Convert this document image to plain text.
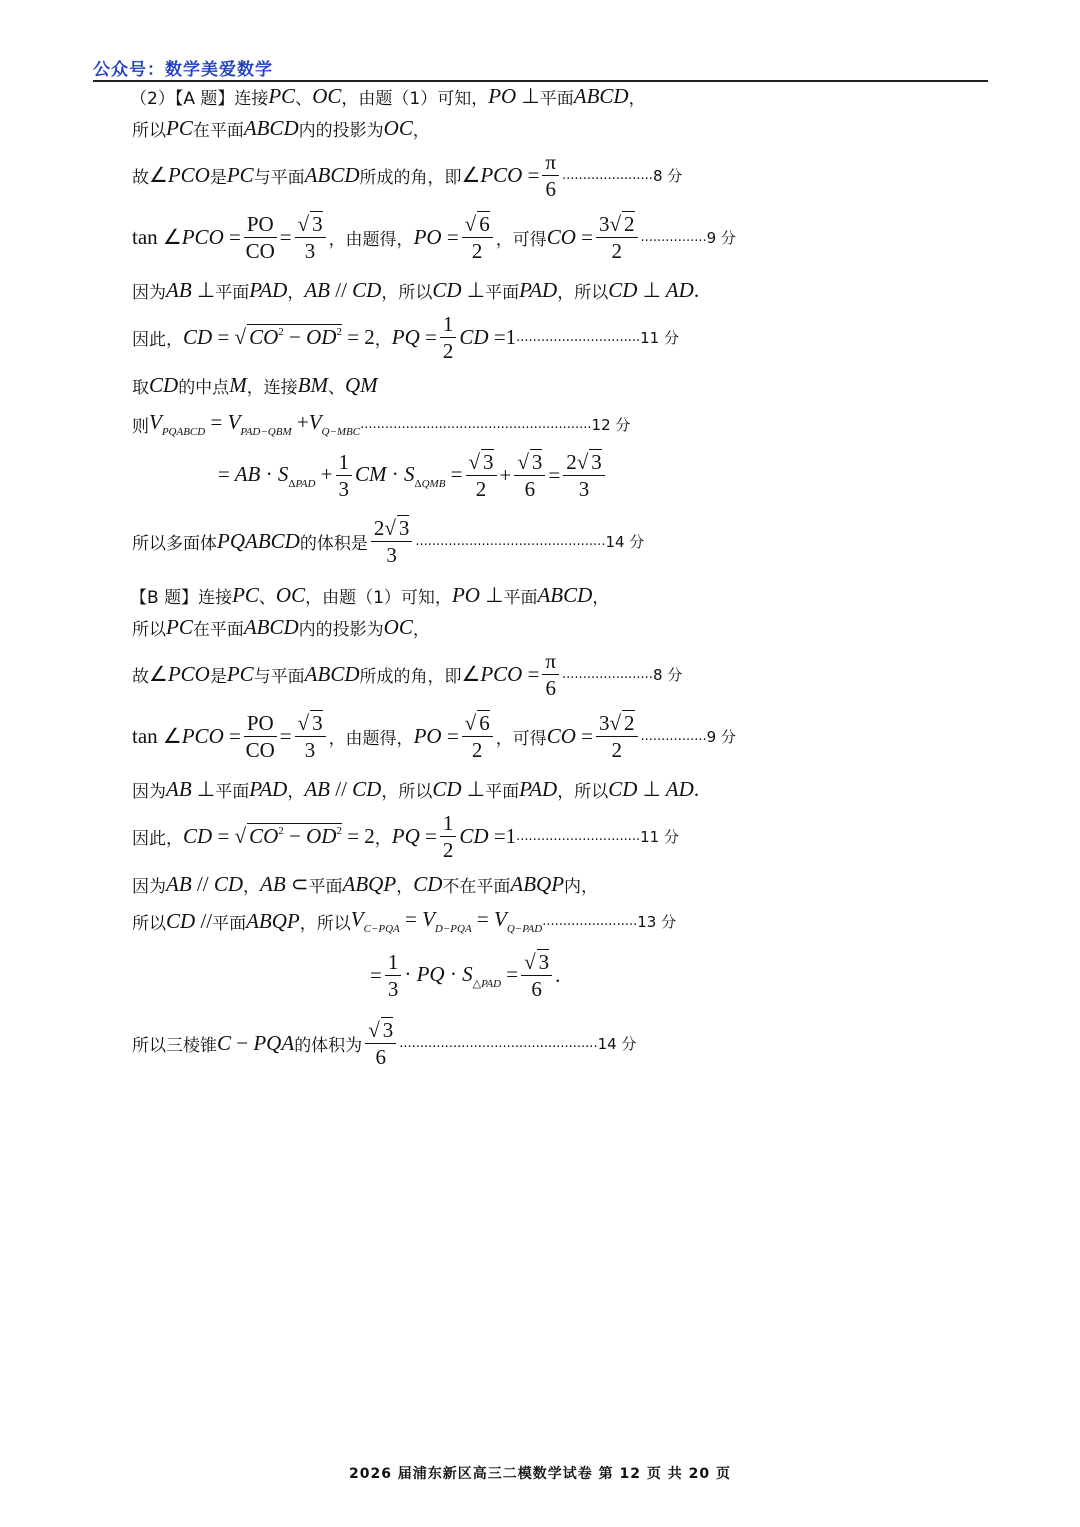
公众号：数学美爱数学
（2）【A 题】连接 PC 、 OC ，由题（1）可知， PO ⊥ 平面 ABCD ，
所以 PC 在平面 ABCD 内的投影为 OC ，
故 ∠PCO 是 PC 与平面 ABCD 所成的角，即 ∠PCO = $\frac{\pi}{6}$ ...................... 8 分
tan ∠PCO = $\frac{PO}{CO} = \frac{√ 3}{3}$ ，由题得， PO = $\frac{√ 6}{2}$ ，可得 CO = $\frac{3√ 2}{2}$ ................ 9 分
因为 AB ⊥ 平面 PAD ， AB // CD ，所以 CD ⊥ 平面 PAD ，所以 CD ⊥ AD.
因此， CD = √ $CO^2 - OD^2 = 2$ ， PQ = $\frac{1}{2}$ CD =1 .............................. 11 分
取 CD 的中点 M ，连接 BM 、 QM
则 $V_{PQABCD} = V_{PAD-QBM} +V_{Q-MBC}$
........................................................ 12 分
= AB · $S_{\Delta PAD} + \frac{1}{3}$ CM · $S_{\Delta QMB} = \frac{√ 3}{2} + \frac{√ 3}{6} = \frac{2√ 3}{3}$
所以多面体 PQABCD 的体积是 $\frac{2√ 3}{3}$ .............................................. 14 分
【B 题】连接 PC 、 OC ，由题（1）可知， PO ⊥ 平面 ABCD ，
所以 PC 在平面 ABCD 内的投影为 OC ，
故 ∠PCO 是 PC 与平面 ABCD 所成的角，即 ∠PCO = $\frac{\pi}{6}$ ...................... 8 分
tan ∠PCO = $\frac{PO}{CO} = \frac{√ 3}{3}$ ，由题得， PO = $\frac{√ 6}{2}$ ，可得 CO = $\frac{3√ 2}{2}$ ................ 9 分
因为 AB ⊥ 平面 PAD ， AB // CD ，所以 CD ⊥ 平面 PAD ，所以 CD ⊥ AD.
因此， CD = √ $CO^2 - OD^2 = 2$ ， PQ = $\frac{1}{2}$ CD =1 .............................. 11 分
因为 AB // CD ， AB ⊂ 平面 ABQP ， CD 不在平面 ABQP 内，
所以 CD // 平面 ABQP ，所以 $V_{C-PQA} = V_{D-PQA} = V_{Q-PAD}$
....................... 13 分
= $\frac{1}{3}$ · PQ · $S_{\triangle PAD} = \frac{√ 3}{6}$ .
所以三棱锥 C − PQA 的体积为 $\frac{√ 3}{6}$ ................................................ 14 分
2026 届浦东新区高三二模数学试卷 第 12 页 共 20 页
